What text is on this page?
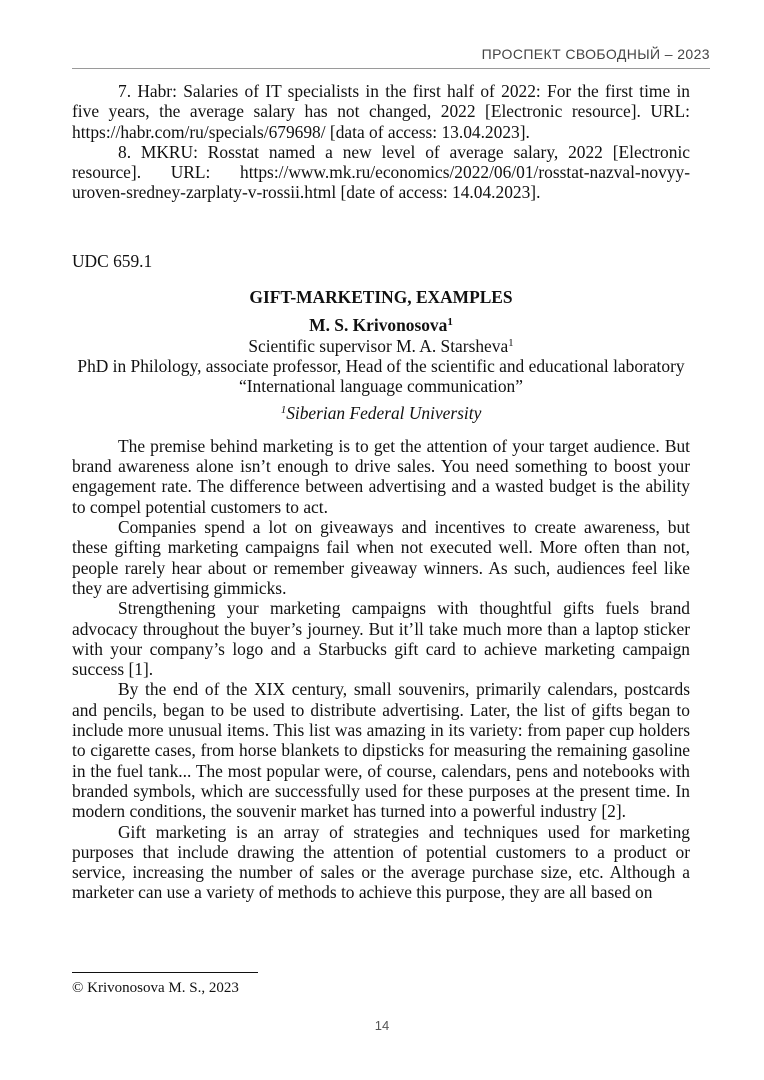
ПРОСПЕКТ СВОБОДНЫЙ – 2023

7. Habr: Salaries of IT specialists in the first half of 2022: For the first time in five years, the average salary has not changed, 2022 [Electronic resource]. URL: https://habr.com/ru/specials/679698/ [data of access: 13.04.2023].

8. MKRU: Rosstat named a new level of average salary, 2022 [Electronic resource]. URL: https://www.mk.ru/economics/2022/06/01/rosstat-nazval-novyy-uroven-sredney-zarplaty-v-rossii.html [date of access: 14.04.2023].

UDC 659.1

GIFT-MARKETING, EXAMPLES

M. S. Krivonosova$^1$

Scientific supervisor M. A. Starsheva$^1$

PhD in Philology, associate professor, Head of the scientific and educational laboratory “International language communication”

$^1$Siberian Federal University

The premise behind marketing is to get the attention of your target audience. But brand awareness alone isn’t enough to drive sales. You need something to boost your engagement rate. The difference between advertising and a wasted budget is the ability to compel potential customers to act.

Companies spend a lot on giveaways and incentives to create awareness, but these gifting marketing campaigns fail when not executed well. More often than not, people rarely hear about or remember giveaway winners. As such, audiences feel like they are advertising gimmicks.

Strengthening your marketing campaigns with thoughtful gifts fuels brand advocacy throughout the buyer’s journey. But it’ll take much more than a laptop sticker with your company’s logo and a Starbucks gift card to achieve marketing campaign success [1].

By the end of the XIX century, small souvenirs, primarily calendars, postcards and pencils, began to be used to distribute advertising. Later, the list of gifts began to include more unusual items. This list was amazing in its variety: from paper cup holders to cigarette cases, from horse blankets to dipsticks for measuring the remaining gasoline in the fuel tank... The most popular were, of course, calendars, pens and notebooks with branded symbols, which are successfully used for these purposes at the present time. In modern conditions, the souvenir market has turned into a powerful industry [2].

Gift marketing is an array of strategies and techniques used for marketing purposes that include drawing the attention of potential customers to a product or service, increasing the number of sales or the average purchase size, etc. Although a marketer can use a variety of methods to achieve this purpose, they are all based on

© Krivonosova M. S., 2023
14
